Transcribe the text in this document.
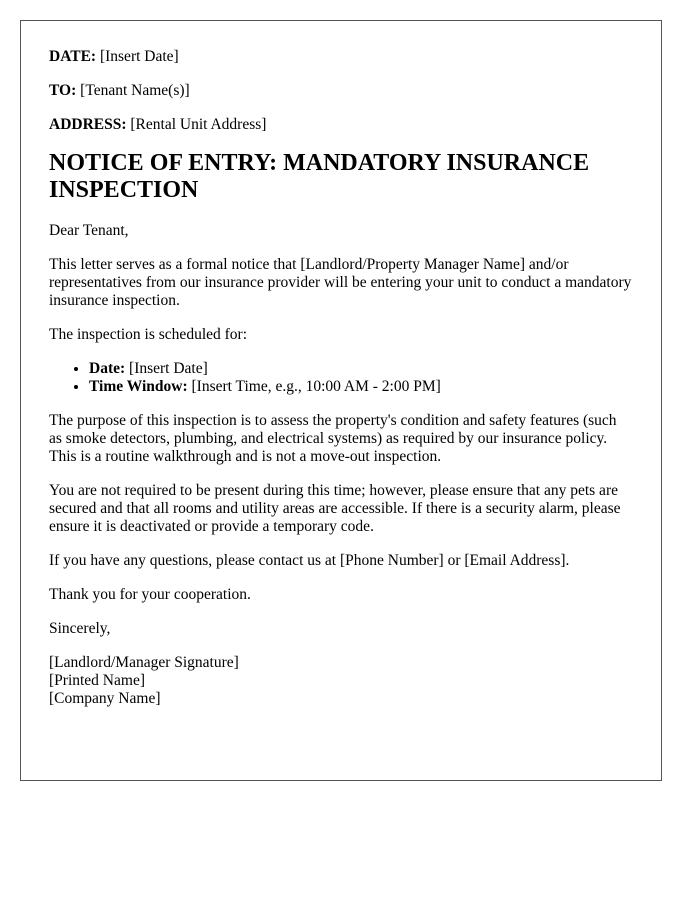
DATE: [Insert Date]
TO: [Tenant Name(s)]
ADDRESS: [Rental Unit Address]
NOTICE OF ENTRY: MANDATORY INSURANCE INSPECTION

Dear Tenant,

This letter serves as a formal notice that [Landlord/Property Manager Name] and/or representatives from our insurance provider will be entering your unit to conduct a mandatory insurance inspection.

The inspection is scheduled for:

• Date: [Insert Date]
• Time Window: [Insert Time, e.g., 10:00 AM - 2:00 PM]

The purpose of this inspection is to assess the property's condition and safety features (such as smoke detectors, plumbing, and electrical systems) as required by our insurance policy. This is a routine walkthrough and is not a move-out inspection.

You are not required to be present during this time; however, please ensure that any pets are secured and that all rooms and utility areas are accessible. If there is a security alarm, please ensure it is deactivated or provide a temporary code.

If you have any questions, please contact us at [Phone Number] or [Email Address].

Thank you for your cooperation.

Sincerely,

[Landlord/Manager Signature]
[Printed Name]
[Company Name]
